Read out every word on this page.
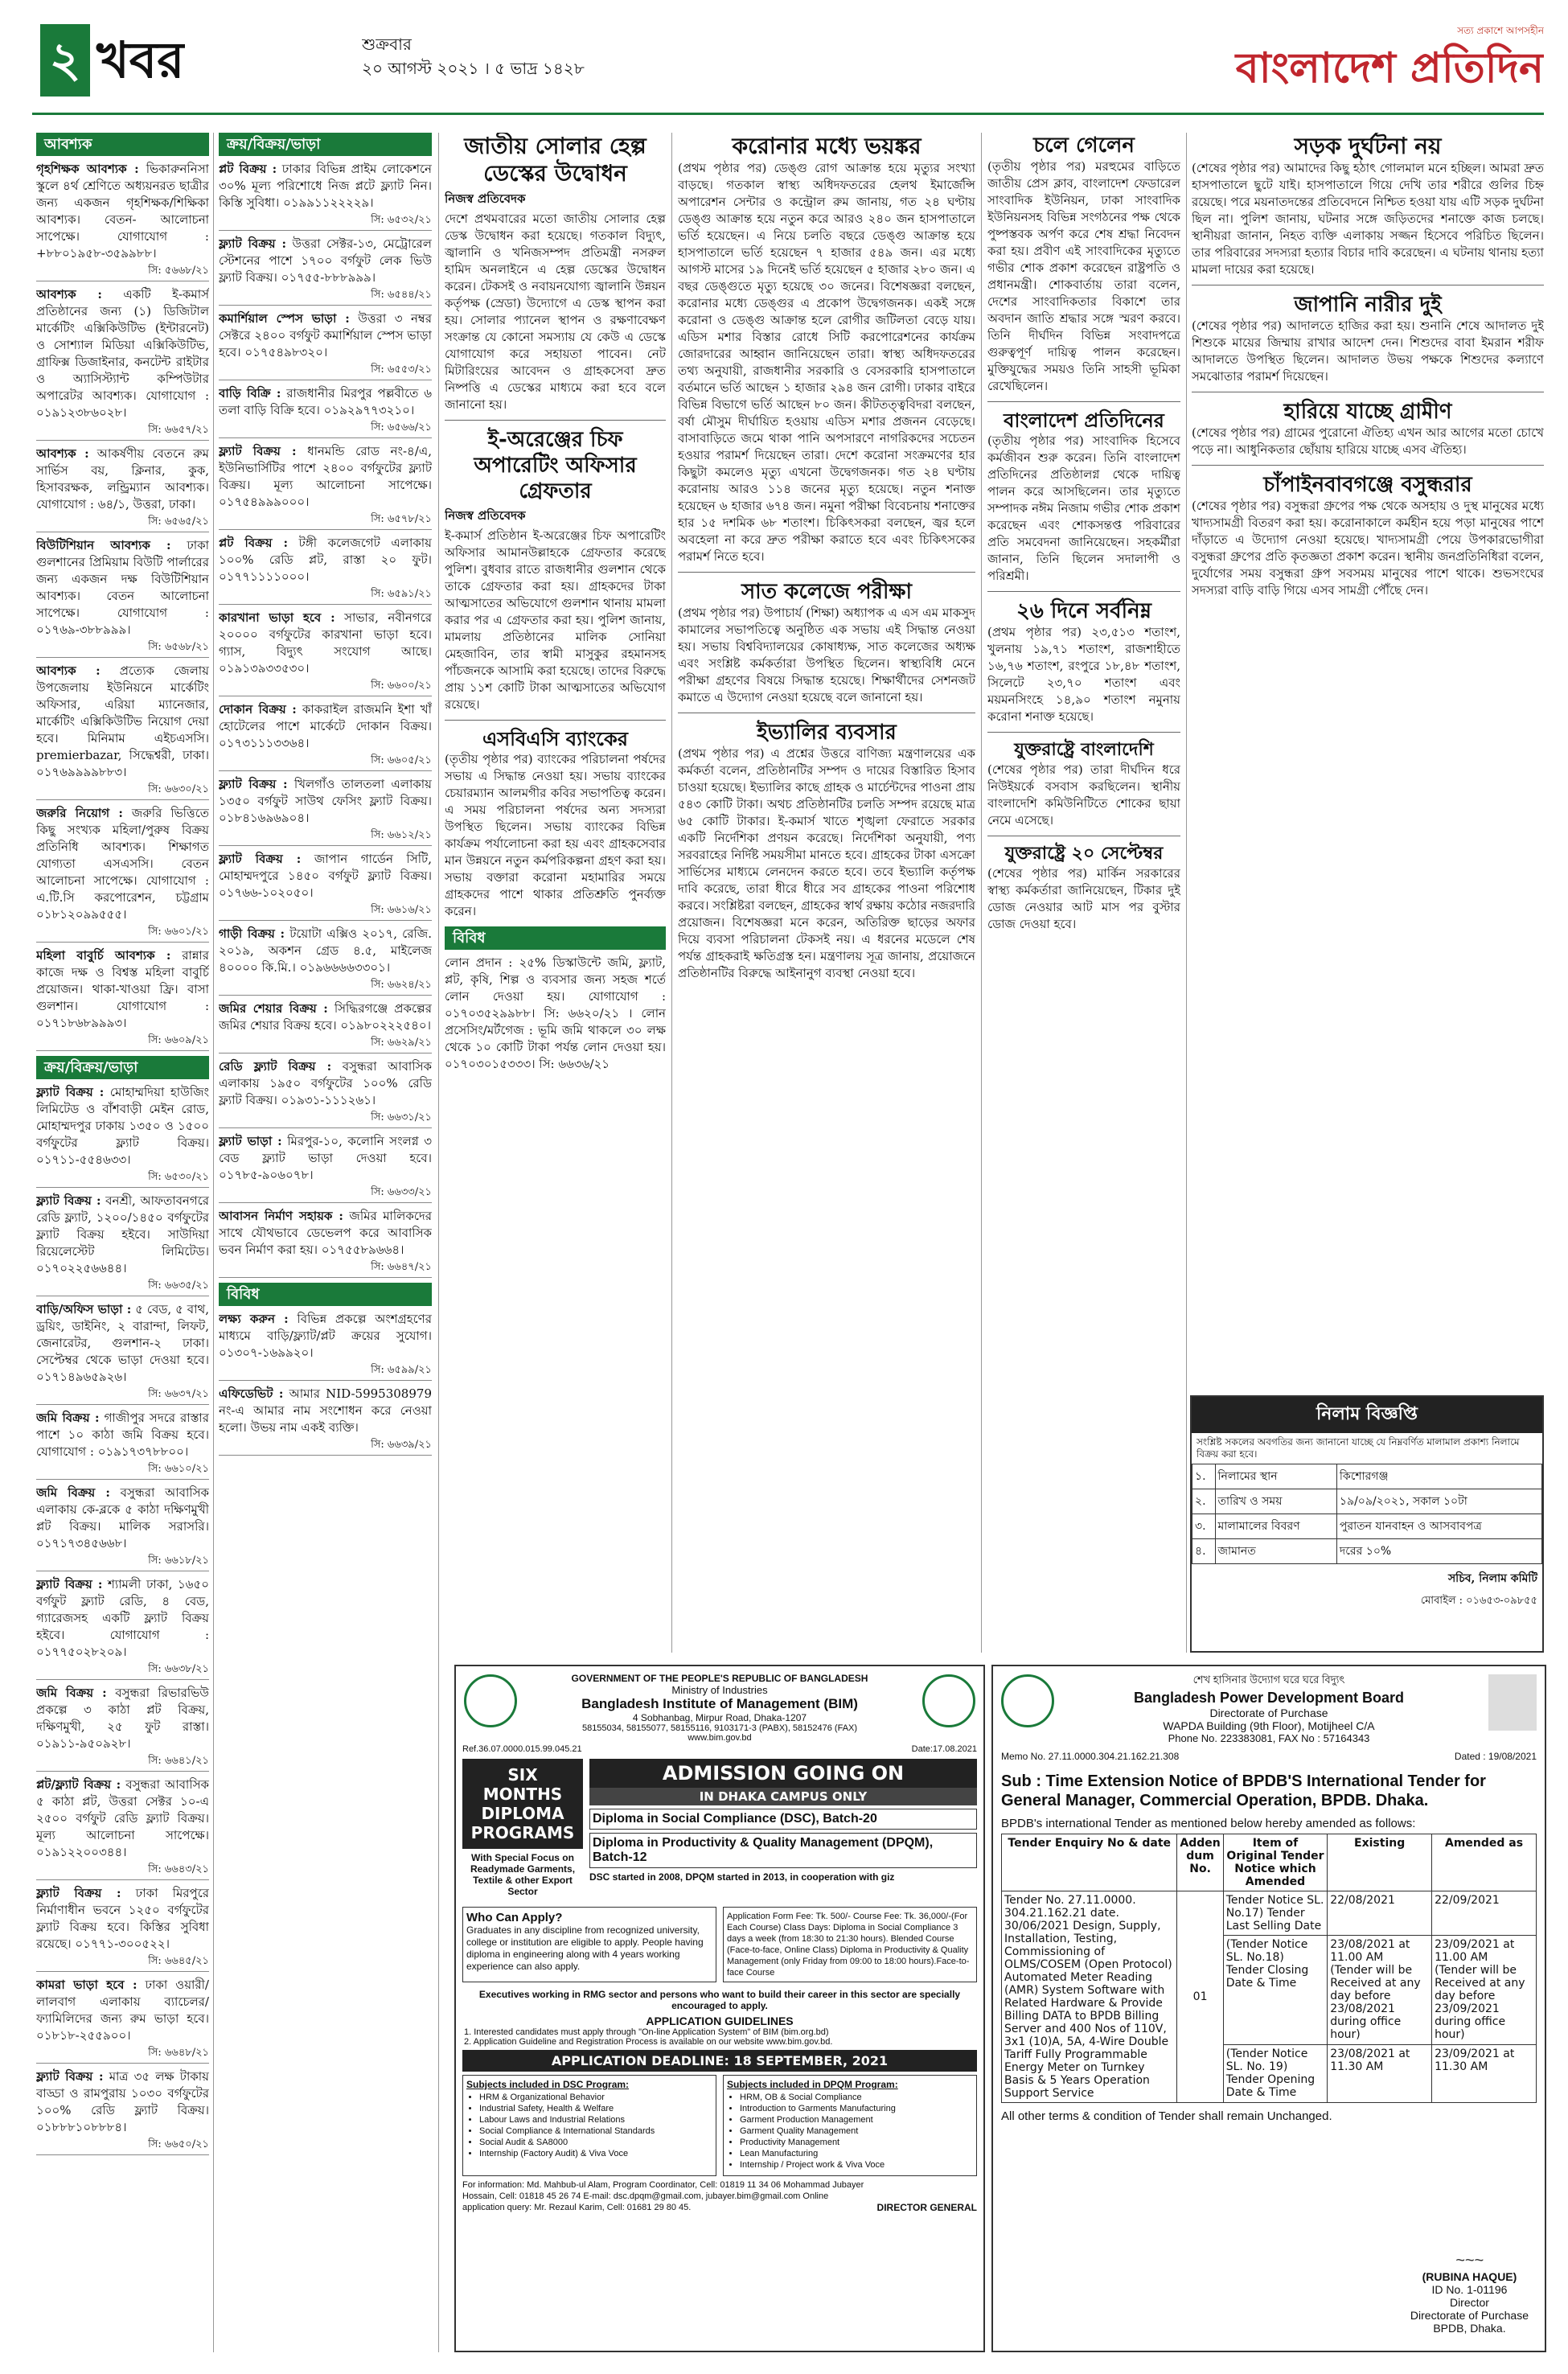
২ খবর	শুক্রবার
২০ আগস্ট ২০২১ । ৫ ভাদ্র ১৪২৮
সত্য প্রকাশে আপসহীন
বাংলাদেশ প্রতিদিন
আবশ্যক
গৃহশিক্ষক আবশ্যক : ভিকারুননিসা স্কুলে ৪র্থ শ্রেণিতে অধ্যয়নরত ছাত্রীর জন্য একজন গৃহশিক্ষক/শিক্ষিকা আবশ্যক। বেতন- আলোচনা সাপেক্ষে। যোগাযোগ : +৮৮০১৯৫৮-৩৫৯৯৮৮।
সি: ৫৬৬৮/২১
আবশ্যক : একটি ই-কমার্স প্রতিষ্ঠানের জন্য (১) ডিজিটাল মার্কেটিং এক্সিকিউটিভ (ইন্টারনেট) ও সোশ্যাল মিডিয়া এক্সিকিউটিভ, গ্রাফিক্স ডিজাইনার, কনটেন্ট রাইটার ও অ্যাসিস্ট্যান্ট কম্পিউটার অপারেটর আবশ্যক। যোগাযোগ : ০১৯১২৩৮৬০২৮।
সি: ৬৬৫৭/২১
আবশ্যক : আকর্ষণীয় বেতনে রুম সার্ভিস বয়, ক্লিনার, কুক, হিসাবরক্ষক, লন্ড্রিম্যান আবশ্যক। যোগাযোগ : ৬৪/১, উত্তরা, ঢাকা।
সি: ৬৫৬৫/২১
বিউটিশিয়ান আবশ্যক : ঢাকা গুলশানের প্রিমিয়াম বিউটি পার্লারের জন্য একজন দক্ষ বিউটিশিয়ান আবশ্যক। বেতন আলোচনা সাপেক্ষে। যোগাযোগ : ০১৭৬৯-৩৮৮৯৯৯।
সি: ৬৫৬৮/২১
আবশ্যক : প্রত্যেক জেলায় উপজেলায় ইউনিয়নে মার্কেটিং অফিসার, এরিয়া ম্যানেজার, মার্কেটিং এক্সিকিউটিভ নিয়োগ দেয়া হবে। মিনিমাম এইচএসসি। premierbazar, সিদ্ধেশ্বরী, ঢাকা। ০১৭৬৯৯৯৯৮৮৩।
সি: ৬৬৩০/২১
জরুরি নিয়োগ : জরুরি ভিত্তিতে কিছু সংখ্যক মহিলা/পুরুষ বিক্রয় প্রতিনিধি আবশ্যক। শিক্ষাগত যোগ্যতা এসএসসি। বেতন আলোচনা সাপেক্ষে। যোগাযোগ : এ.টি.সি করপোরেশন, চট্টগ্রাম ০১৮১২০৯৯৫৫৫।
সি: ৬৬০১/২১
মহিলা বাবুর্চি আবশ্যক : রান্নার কাজে দক্ষ ও বিশ্বস্ত মহিলা বাবুর্চি প্রয়োজন। থাকা-খাওয়া ফ্রি। বাসা গুলশান। যোগাযোগ : ০১৭১৮৬৮৯৯৯৩।
সি: ৬৬০৯/২১
ক্রয়/বিক্রয়/ভাড়া
ফ্ল্যাট বিক্রয় : মোহাম্মদিয়া হাউজিং লিমিটেড ও বাঁশবাড়ী মেইন রোড, মোহাম্মদপুর ঢাকায় ১৩৫০ ও ১৫০০ বর্গফুটের ফ্ল্যাট বিক্রয়। ০১৭১১-৫৫৪৬৩৩।
সি: ৬৫৩০/২১
ফ্ল্যাট বিক্রয় : বনশ্রী, আফতাবনগরে রেডি ফ্ল্যাট, ১২০০/১৪৫০ বর্গফুটের ফ্ল্যাট বিক্রয় হইবে। সাউদিয়া রিয়েলেস্টেট লিমিটেড। ০১৭০২২৫৬৬৪৪।
সি: ৬৬৩৫/২১
বাড়ি/অফিস ভাড়া : ৫ বেড, ৫ বাথ, ড্রয়িং, ডাইনিং, ২ বারান্দা, লিফট, জেনারেটর, গুলশান-২ ঢাকা। সেপ্টেম্বর থেকে ভাড়া দেওয়া হবে। ০১৭১৪৯৬৫৯২৬।
সি: ৬৬৩৭/২১
জমি বিক্রয় : গাজীপুর সদরে রাস্তার পাশে ১০ কাঠা জমি বিক্রয় হবে। যোগাযোগ : ০১৯১৭৩৭৮৮০০।
সি: ৬৬১০/২১
জমি বিক্রয় : বসুন্ধরা আবাসিক এলাকায় কে-ব্লকে ৫ কাঠা দক্ষিণমুখী প্লট বিক্রয়। মালিক সরাসরি। ০১৭১৭৩৪৫৬৬৮।
সি: ৬৬১৮/২১
ফ্ল্যাট বিক্রয় : শ্যামলী ঢাকা, ১৬৫০ বর্গফুট ফ্ল্যাট রেডি, ৪ বেড, গ্যারেজসহ একটি ফ্ল্যাট বিক্রয় হইবে। যোগাযোগ : ০১৭৭৫০২৮২০৯।
সি: ৬৬৩৮/২১
জমি বিক্রয় : বসুন্ধরা রিভারভিউ প্রকল্পে ৩ কাঠা প্লট বিক্রয়, দক্ষিণমুখী, ২৫ ফুট রাস্তা। ০১৯১১-৯৫০৯২৮।
সি: ৬৬৪১/২১
প্লট/ফ্ল্যাট বিক্রয় : বসুন্ধরা আবাসিক ৫ কাঠা প্লট, উত্তরা সেক্টর ১০-এ ২৫০০ বর্গফুট রেডি ফ্ল্যাট বিক্রয়। মূল্য আলোচনা সাপেক্ষে। ০১৯১২২০০৩৪৪।
সি: ৬৬৪৩/২১
ফ্ল্যাট বিক্রয় : ঢাকা মিরপুরে নির্মাণাধীন ভবনে ১২৫০ বর্গফুটের ফ্ল্যাট বিক্রয় হবে। কিস্তির সুবিধা রয়েছে। ০১৭৭১-৩০০৫২২।
সি: ৬৬৪৫/২১
কামরা ভাড়া হবে : ঢাকা ওয়ারী/লালবাগ এলাকায় ব্যাচেলর/ফ্যামিলিদের জন্য রুম ভাড়া হবে। ০১৮১৮-২৫৫৯০০।
সি: ৬৬৪৮/২১
ফ্ল্যাট বিক্রয় : মাত্র ৩৫ লক্ষ টাকায় বাড্ডা ও রামপুরায় ১০৩০ বর্গফুটের ১০০% রেডি ফ্ল্যাট বিক্রয়। ০১৮৮৮১০৮৮৮৪।
সি: ৬৬৫০/২১
ক্রয়/বিক্রয়/ভাড়া
প্লট বিক্রয় : ঢাকার বিভিন্ন প্রাইম লোকেশনে ৩০% মূল্য পরিশোধে নিজ প্লটে ফ্ল্যাট নিন। কিস্তি সুবিধা। ০১৯৯১১২২২২৯।
সি: ৬৫৩২/২১
ফ্ল্যাট বিক্রয় : উত্তরা সেক্টর-১৩, মেট্রোরেল স্টেশনের পাশে ১৭০০ বর্গফুট লেক ভিউ ফ্ল্যাট বিক্রয়। ০১৭৫৫-৮৮৮৯৯৯।
সি: ৬৫৪৪/২১
কমার্শিয়াল স্পেস ভাড়া : উত্তরা ৩ নম্বর সেক্টরে ২৪০০ বর্গফুট কমার্শিয়াল স্পেস ভাড়া হবে। ০১৭৫৪৯৮৩২০।
সি: ৬৫৫৩/২১
বাড়ি বিক্রি : রাজধানীর মিরপুর পল্লবীতে ৬ তলা বাড়ি বিক্রি হবে। ০১৯২৯৭৭৩২১০।
সি: ৬৫৬৬/২১
ফ্ল্যাট বিক্রয় : ধানমন্ডি রোড নং-৪/এ, ইউনিভার্সিটির পাশে ২৪০০ বর্গফুটের ফ্ল্যাট বিক্রয়। মূল্য আলোচনা সাপেক্ষে। ০১৭৫৪৯৯৯০০০।
সি: ৬৫৭৮/২১
প্লট বিক্রয় : টঙ্গী কলেজগেট এলাকায় ১০০% রেডি প্লট, রাস্তা ২০ ফুট। ০১৭৭১১১১০০০।
সি: ৬৫৯১/২১
কারখানা ভাড়া হবে : সাভার, নবীনগরে ২০০০০ বর্গফুটের কারখানা ভাড়া হবে। গ্যাস, বিদ্যুৎ সংযোগ আছে। ০১৯১৩৯৩৩৫৩০।
সি: ৬৬০০/২১
দোকান বিক্রয় : কাকরাইল রাজমনি ইশা খাঁ হোটেলের পাশে মার্কেটে দোকান বিক্রয়। ০১৭৩১১১৩৩৬৪।
সি: ৬৬০৫/২১
ফ্ল্যাট বিক্রয় : খিলগাঁও তালতলা এলাকায় ১৩৫০ বর্গফুট সাউথ ফেসিং ফ্ল্যাট বিক্রয়। ০১৮৪১৬৯৬৯০৪।
সি: ৬৬১২/২১
ফ্ল্যাট বিক্রয় : জাপান গার্ডেন সিটি, মোহাম্মদপুরে ১৪৫০ বর্গফুট ফ্ল্যাট বিক্রয়। ০১৭৬৬-১০২০৫০।
সি: ৬৬১৬/২১
গাড়ী বিক্রয় : টয়োটা এক্সিও ২০১৭, রেজি. ২০১৯, অকশন গ্রেড ৪.৫, মাইলেজ ৪০০০০ কি.মি.। ০১৯৬৬৬৬৩৩০১।
সি: ৬৬২৪/২১
জমির শেয়ার বিক্রয় : সিদ্ধিরগঞ্জে প্রকল্পের জমির শেয়ার বিক্রয় হবে। ০১৯৮০২২২৫৪০।
সি: ৬৬২৯/২১
রেডি ফ্ল্যাট বিক্রয় : বসুন্ধরা আবাসিক এলাকায় ১৯৫০ বর্গফুটের ১০০% রেডি ফ্ল্যাট বিক্রয়। ০১৯৩১-১১১২৬১।
সি: ৬৬৩১/২১
ফ্ল্যাট ভাড়া : মিরপুর-১০, কলোনি সংলগ্ন ৩ বেড ফ্ল্যাট ভাড়া দেওয়া হবে। ০১৭৮৫-৯০৬০৭৮।
সি: ৬৬৩৩/২১
আবাসন নির্মাণ সহায়ক : জমির মালিকদের সাথে যৌথভাবে ডেভেলপ করে আবাসিক ভবন নির্মাণ করা হয়। ০১৭৫৫৮৯৬৬৪।
সি: ৬৬৪৭/২১
বিবিধ
লক্ষ্য করুন : বিভিন্ন প্রকল্পে অংশগ্রহণের মাধ্যমে বাড়ি/ফ্ল্যাট/প্লট ক্রয়ের সুযোগ। ০১৩০৭-১৬৯৯২০।
সি: ৬৫৯৯/২১
এফিডেভিট : আমার NID-5995308979 নং-এ আমার নাম সংশোধন করে নেওয়া হলো। উভয় নাম একই ব্যক্তি।
সি: ৬৬৩৯/২১
জাতীয় সোলার হেল্প ডেস্কের উদ্বোধন
নিজস্ব প্রতিবেদক
দেশে প্রথমবারের মতো জাতীয় সোলার হেল্প ডেস্ক উদ্বোধন করা হয়েছে। গতকাল বিদ্যুৎ, জ্বালানি ও খনিজসম্পদ প্রতিমন্ত্রী নসরুল হামিদ অনলাইনে এ হেল্প ডেস্কের উদ্বোধন করেন। টেকসই ও নবায়নযোগ্য জ্বালানি উন্নয়ন কর্তৃপক্ষ (স্রেডা) উদ্যোগে এ ডেস্ক স্থাপন করা হয়। সোলার প্যানেল স্থাপন ও রক্ষণাবেক্ষণ সংক্রান্ত যে কোনো সমস্যায় যে কেউ এ ডেস্কে যোগাযোগ করে সহায়তা পাবেন। নেট মিটারিংয়ের আবেদন ও গ্রাহকসেবা দ্রুত নিষ্পত্তি এ ডেস্কের মাধ্যমে করা হবে বলে জানানো হয়।
ই-অরেঞ্জের চিফ অপারেটিং অফিসার গ্রেফতার
নিজস্ব প্রতিবেদক
ই-কমার্স প্রতিষ্ঠান ই-অরেঞ্জের চিফ অপারেটিং অফিসার আমানউল্লাহকে গ্রেফতার করেছে পুলিশ। বুধবার রাতে রাজধানীর গুলশান থেকে তাকে গ্রেফতার করা হয়। গ্রাহকদের টাকা আত্মসাতের অভিযোগে গুলশান থানায় মামলা করার পর এ গ্রেফতার করা হয়। পুলিশ জানায়, মামলায় প্রতিষ্ঠানের মালিক সোনিয়া মেহজাবিন, তার স্বামী মাসুকুর রহমানসহ পাঁচজনকে আসামি করা হয়েছে। তাদের বিরুদ্ধে প্রায় ১১শ কোটি টাকা আত্মসাতের অভিযোগ রয়েছে।
এসবিএসি ব্যাংকের
(তৃতীয় পৃষ্ঠার পর) ব্যাংকের পরিচালনা পর্ষদের সভায় এ সিদ্ধান্ত নেওয়া হয়। সভায় ব্যাংকের চেয়ারম্যান আলমগীর কবির সভাপতিত্ব করেন। এ সময় পরিচালনা পর্ষদের অন্য সদস্যরা উপস্থিত ছিলেন। সভায় ব্যাংকের বিভিন্ন কার্যক্রম পর্যালোচনা করা হয় এবং গ্রাহকসেবার মান উন্নয়নে নতুন কর্মপরিকল্পনা গ্রহণ করা হয়। সভায় বক্তারা করোনা মহামারির সময়ে গ্রাহকদের পাশে থাকার প্রতিশ্রুতি পুনর্ব্যক্ত করেন।
বিবিধ
লোন প্রদান : ২৫% ডিস্কাউন্টে জমি, ফ্ল্যাট, প্লট, কৃষি, শিল্প ও ব্যবসার জন্য সহজ শর্তে লোন দেওয়া হয়। যোগাযোগ : ০১৭০৩৫২৯৯৮৮। সি: ৬৬২০/২১ । লোন প্রসেসিং/মর্টগেজ : ভূমি জমি থাকলে ৩০ লক্ষ থেকে ১০ কোটি টাকা পর্যন্ত লোন দেওয়া হয়। ০১৭০৩০১৫৩৩৩। সি: ৬৬৩৬/২১
করোনার মধ্যে ভয়ঙ্কর
(প্রথম পৃষ্ঠার পর) ডেঙ্গু রোগ আক্রান্ত হয়ে মৃত্যুর সংখ্যা বাড়ছে। গতকাল স্বাস্থ্য অধিদফতরের হেলথ ইমার্জেন্সি অপারেশন সেন্টার ও কন্ট্রোল রুম জানায়, গত ২৪ ঘণ্টায় ডেঙ্গু আক্রান্ত হয়ে নতুন করে আরও ২৪০ জন হাসপাতালে ভর্তি হয়েছেন। এ নিয়ে চলতি বছরে ডেঙ্গু আক্রান্ত হয়ে হাসপাতালে ভর্তি হয়েছেন ৭ হাজার ৫৪৯ জন। এর মধ্যে আগস্ট মাসের ১৯ দিনেই ভর্তি হয়েছেন ৫ হাজার ২৮০ জন। এ বছর ডেঙ্গুতে মৃত্যু হয়েছে ৩০ জনের। বিশেষজ্ঞরা বলছেন, করোনার মধ্যে ডেঙ্গুর এ প্রকোপ উদ্বেগজনক। একই সঙ্গে করোনা ও ডেঙ্গু আক্রান্ত হলে রোগীর জটিলতা বেড়ে যায়। এডিস মশার বিস্তার রোধে সিটি করপোরেশনের কার্যক্রম জোরদারের আহ্বান জানিয়েছেন তারা। স্বাস্থ্য অধিদফতরের তথ্য অনুযায়ী, রাজধানীর সরকারি ও বেসরকারি হাসপাতালে বর্তমানে ভর্তি আছেন ১ হাজার ২৯৪ জন রোগী। ঢাকার বাইরে বিভিন্ন বিভাগে ভর্তি আছেন ৮০ জন। কীটতত্ত্ববিদরা বলছেন, বর্ষা মৌসুম দীর্ঘায়িত হওয়ায় এডিস মশার প্রজনন বেড়েছে। বাসাবাড়িতে জমে থাকা পানি অপসারণে নাগরিকদের সচেতন হওয়ার পরামর্শ দিয়েছেন তারা। দেশে করোনা সংক্রমণের হার কিছুটা কমলেও মৃত্যু এখনো উদ্বেগজনক। গত ২৪ ঘণ্টায় করোনায় আরও ১১৪ জনের মৃত্যু হয়েছে। নতুন শনাক্ত হয়েছেন ৬ হাজার ৬৭৪ জন। নমুনা পরীক্ষা বিবেচনায় শনাক্তের হার ১৫ দশমিক ৬৮ শতাংশ। চিকিৎসকরা বলছেন, জ্বর হলে অবহেলা না করে দ্রুত পরীক্ষা করাতে হবে এবং চিকিৎসকের পরামর্শ নিতে হবে।
সাত কলেজে পরীক্ষা
(প্রথম পৃষ্ঠার পর) উপাচার্য (শিক্ষা) অধ্যাপক এ এস এম মাকসুদ কামালের সভাপতিত্বে অনুষ্ঠিত এক সভায় এই সিদ্ধান্ত নেওয়া হয়। সভায় বিশ্ববিদ্যালয়ের কোষাধ্যক্ষ, সাত কলেজের অধ্যক্ষ এবং সংশ্লিষ্ট কর্মকর্তারা উপস্থিত ছিলেন। স্বাস্থ্যবিধি মেনে পরীক্ষা গ্রহণের বিষয়ে সিদ্ধান্ত হয়েছে। শিক্ষার্থীদের সেশনজট কমাতে এ উদ্যোগ নেওয়া হয়েছে বলে জানানো হয়।
ইভ্যালির ব্যবসার
(প্রথম পৃষ্ঠার পর) এ প্রশ্নের উত্তরে বাণিজ্য মন্ত্রণালয়ের এক কর্মকর্তা বলেন, প্রতিষ্ঠানটির সম্পদ ও দায়ের বিস্তারিত হিসাব চাওয়া হয়েছে। ইভ্যালির কাছে গ্রাহক ও মার্চেন্টদের পাওনা প্রায় ৫৪৩ কোটি টাকা। অথচ প্রতিষ্ঠানটির চলতি সম্পদ রয়েছে মাত্র ৬৫ কোটি টাকার। ই-কমার্স খাতে শৃঙ্খলা ফেরাতে সরকার একটি নির্দেশিকা প্রণয়ন করেছে। নির্দেশিকা অনুযায়ী, পণ্য সরবরাহের নির্দিষ্ট সময়সীমা মানতে হবে। গ্রাহকের টাকা এসক্রো সার্ভিসের মাধ্যমে লেনদেন করতে হবে। তবে ইভ্যালি কর্তৃপক্ষ দাবি করেছে, তারা ধীরে ধীরে সব গ্রাহকের পাওনা পরিশোধ করবে। সংশ্লিষ্টরা বলছেন, গ্রাহকের স্বার্থ রক্ষায় কঠোর নজরদারি প্রয়োজন। বিশেষজ্ঞরা মনে করেন, অতিরিক্ত ছাড়ের অফার দিয়ে ব্যবসা পরিচালনা টেকসই নয়। এ ধরনের মডেলে শেষ পর্যন্ত গ্রাহকরাই ক্ষতিগ্রস্ত হন। মন্ত্রণালয় সূত্র জানায়, প্রয়োজনে প্রতিষ্ঠানটির বিরুদ্ধে আইনানুগ ব্যবস্থা নেওয়া হবে।
চলে গেলেন
(তৃতীয় পৃষ্ঠার পর) মরহুমের বাড়িতে জাতীয় প্রেস ক্লাব, বাংলাদেশ ফেডারেল সাংবাদিক ইউনিয়ন, ঢাকা সাংবাদিক ইউনিয়নসহ বিভিন্ন সংগঠনের পক্ষ থেকে পুষ্পস্তবক অর্পণ করে শেষ শ্রদ্ধা নিবেদন করা হয়। প্রবীণ এই সাংবাদিকের মৃত্যুতে গভীর শোক প্রকাশ করেছেন রাষ্ট্রপতি ও প্রধানমন্ত্রী। শোকবার্তায় তারা বলেন, দেশের সাংবাদিকতার বিকাশে তার অবদান জাতি শ্রদ্ধার সঙ্গে স্মরণ করবে। তিনি দীর্ঘদিন বিভিন্ন সংবাদপত্রে গুরুত্বপূর্ণ দায়িত্ব পালন করেছেন। মুক্তিযুদ্ধের সময়ও তিনি সাহসী ভূমিকা রেখেছিলেন।
বাংলাদেশ প্রতিদিনের
(তৃতীয় পৃষ্ঠার পর) সাংবাদিক হিসেবে কর্মজীবন শুরু করেন। তিনি বাংলাদেশ প্রতিদিনের প্রতিষ্ঠালগ্ন থেকে দায়িত্ব পালন করে আসছিলেন। তার মৃত্যুতে সম্পাদক নঈম নিজাম গভীর শোক প্রকাশ করেছেন এবং শোকসন্তপ্ত পরিবারের প্রতি সমবেদনা জানিয়েছেন। সহকর্মীরা জানান, তিনি ছিলেন সদালাপী ও পরিশ্রমী।
২৬ দিনে সর্বনিম্ন
(প্রথম পৃষ্ঠার পর) ২৩,৫১৩ শতাংশ, খুলনায় ১৯,৭১ শতাংশ, রাজশাহীতে ১৬,৭৬ শতাংশ, রংপুরে ১৮,৪৮ শতাংশ, সিলেটে ২৩,৭০ শতাংশ এবং ময়মনসিংহে ১৪,৯০ শতাংশ নমুনায় করোনা শনাক্ত হয়েছে।
যুক্তরাষ্ট্রে বাংলাদেশি
(শেষের পৃষ্ঠার পর) তারা দীর্ঘদিন ধরে নিউইয়র্কে বসবাস করছিলেন। স্থানীয় বাংলাদেশি কমিউনিটিতে শোকের ছায়া নেমে এসেছে।
যুক্তরাষ্ট্রে ২০ সেপ্টেম্বর
(শেষের পৃষ্ঠার পর) মার্কিন সরকারের স্বাস্থ্য কর্মকর্তারা জানিয়েছেন, টিকার দুই ডোজ নেওয়ার আট মাস পর বুস্টার ডোজ দেওয়া হবে।
সড়ক দুর্ঘটনা নয়
(শেষের পৃষ্ঠার পর) আমাদের কিছু হঠাৎ গোলমাল মনে হচ্ছিল। আমরা দ্রুত হাসপাতালে ছুটে যাই। হাসপাতালে গিয়ে দেখি তার শরীরে গুলির চিহ্ন রয়েছে। পরে ময়নাতদন্তের প্রতিবেদনে নিশ্চিত হওয়া যায় এটি সড়ক দুর্ঘটনা ছিল না। পুলিশ জানায়, ঘটনার সঙ্গে জড়িতদের শনাক্তে কাজ চলছে। স্থানীয়রা জানান, নিহত ব্যক্তি এলাকায় সজ্জন হিসেবে পরিচিত ছিলেন। তার পরিবারের সদস্যরা হত্যার বিচার দাবি করেছেন। এ ঘটনায় থানায় হত্যা মামলা দায়ের করা হয়েছে।
জাপানি নারীর দুই
(শেষের পৃষ্ঠার পর) আদালতে হাজির করা হয়। শুনানি শেষে আদালত দুই শিশুকে মায়ের জিম্মায় রাখার আদেশ দেন। শিশুদের বাবা ইমরান শরীফ আদালতে উপস্থিত ছিলেন। আদালত উভয় পক্ষকে শিশুদের কল্যাণে সমঝোতার পরামর্শ দিয়েছেন।
হারিয়ে যাচ্ছে গ্রামীণ
(শেষের পৃষ্ঠার পর) গ্রামের পুরোনো ঐতিহ্য এখন আর আগের মতো চোখে পড়ে না। আধুনিকতার ছোঁয়ায় হারিয়ে যাচ্ছে এসব ঐতিহ্য।
চাঁপাইনবাবগঞ্জে বসুন্ধরার
(শেষের পৃষ্ঠার পর) বসুন্ধরা গ্রুপের পক্ষ থেকে অসহায় ও দুস্থ মানুষের মধ্যে খাদ্যসামগ্রী বিতরণ করা হয়। করোনাকালে কর্মহীন হয়ে পড়া মানুষের পাশে দাঁড়াতে এ উদ্যোগ নেওয়া হয়েছে। খাদ্যসামগ্রী পেয়ে উপকারভোগীরা বসুন্ধরা গ্রুপের প্রতি কৃতজ্ঞতা প্রকাশ করেন। স্থানীয় জনপ্রতিনিধিরা বলেন, দুর্যোগের সময় বসুন্ধরা গ্রুপ সবসময় মানুষের পাশে থাকে। শুভসংঘের সদস্যরা বাড়ি বাড়ি গিয়ে এসব সামগ্রী পৌঁছে দেন।
নিলাম বিজ্ঞপ্তি
সংশ্লিষ্ট সকলের অবগতির জন্য জানানো যাচ্ছে যে নিম্নবর্ণিত মালামাল প্রকাশ্য নিলামে বিক্রয় করা হবে।
১.	নিলামের স্থান	কিশোরগঞ্জ
২.	তারিখ ও সময়	১৯/০৯/২০২১, সকাল ১০টা
৩.	মালামালের বিবরণ	পুরাতন যানবাহন ও আসবাবপত্র
৪.	জামানত	দরের ১০%
সচিব, নিলাম কমিটি
মোবাইল : ০১৬৫৩-০৯৮৫৫
GOVERNMENT OF THE PEOPLE'S REPUBLIC OF BANGLADESH
Ministry of Industries
Bangladesh Institute of Management (BIM)
4 Sobhanbag, Mirpur Road, Dhaka-1207
58155034, 58155077, 58155116, 9103171-3 (PABX), 58152476 (FAX)
www.bim.gov.bd
Ref.36.07.0000.015.99.045.21	Date:17.08.2021
SIX MONTHS DIPLOMA PROGRAMS
With Special Focus on Readymade Garments, Textile & other Export Sector
ADMISSION GOING ON
IN DHAKA CAMPUS ONLY
Diploma in Social Compliance (DSC), Batch-20
Diploma in Productivity & Quality Management (DPQM), Batch-12
DSC started in 2008, DPQM started in 2013, in cooperation with giz
Who Can Apply?
Graduates in any discipline from recognized university, college or institution are eligible to apply. People having diploma in engineering along with 4 years working experience can also apply.
Application Form Fee: Tk. 500/- Course Fee: Tk. 36,000/-(For Each Course) Class Days: Diploma in Social Compliance 3 days a week (from 18:30 to 21:30 hours). Blended Course (Face-to-face, Online Class) Diploma in Productivity & Quality Management (only Friday from 09:00 to 18:00 hours).Face-to-face Course
Executives working in RMG sector and persons who want to build their career in this sector are specially encouraged to apply.
APPLICATION GUIDELINES
1. Interested candidates must apply through "On-line Application System" of BIM (bim.org.bd)
2. Application Guideline and Registration Process is available on our website www.bim.gov.bd.
APPLICATION DEADLINE: 18 SEPTEMBER, 2021
Subjects included in DSC Program:
• HRM & Organizational Behavior
• Industrial Safety, Health & Welfare
• Labour Laws and Industrial Relations
• Social Compliance & International Standards
• Social Audit & SA8000
• Internship (Factory Audit) & Viva Voce
Subjects included in DPQM Program:
• HRM, OB & Social Compliance
• Introduction to Garments Manufacturing
• Garment Production Management
• Garment Quality Management
• Productivity Management
• Lean Manufacturing
• Internship / Project work & Viva Voce
For information: Md. Mahbub-ul Alam, Program Coordinator, Cell: 01819 11 34 06 Mohammad Jubayer Hossain, Cell: 01818 45 26 74 E-mail: dsc.dpqm@gmail.com, jubayer.bim@gmail.com Online application query: Mr. Rezaul Karim, Cell: 01681 29 80 45.	DIRECTOR GENERAL
শেখ হাসিনার উদ্যোগ ঘরে ঘরে বিদ্যুৎ
Bangladesh Power Development Board
Directorate of Purchase
WAPDA Building (9th Floor), Motijheel C/A
Phone No. 223383081, FAX No : 57164343
Memo No. 27.11.0000.304.21.162.21.308	Dated : 19/08/2021
Sub : Time Extension Notice of BPDB'S International Tender for General Manager, Commercial Operation, BPDB. Dhaka.
BPDB's international Tender as mentioned below hereby amended as follows:
Tender Enquiry No & date	Adden dum No.	Item of Original Tender Notice which Amended	Existing	Amended as
Tender No. 27.11.0000. 304.21.162.21 date. 30/06/2021 Design, Supply, Installation, Testing, Commissioning of OLMS/COSEM (Open Protocol) Automated Meter Reading (AMR) System Software with Related Hardware & Provide Billing DATA to BPDB Billing Server and 400 Nos of 110V, 3x1 (10)A, 5A, 4-Wire Double Tariff Fully Programmable Energy Meter on Turnkey Basis & 5 Years Operation Support Service	01	Tender Notice SL. No.17) Tender Last Selling Date	22/08/2021	22/09/2021
		(Tender Notice SL. No.18) Tender Closing Date & Time	23/08/2021 at 11.00 AM (Tender will be Received at any day before 23/08/2021 during office hour)	23/09/2021 at 11.00 AM (Tender will be Received at any day before 23/09/2021 during office hour)
		(Tender Notice SL. No. 19) Tender Opening Date & Time	23/08/2021 at 11.30 AM	23/09/2021 at 11.30 AM
All other terms & condition of Tender shall remain Unchanged.
~~~
(RUBINA HAQUE)
ID No. 1-01196
Director
Directorate of Purchase
BPDB, Dhaka.
